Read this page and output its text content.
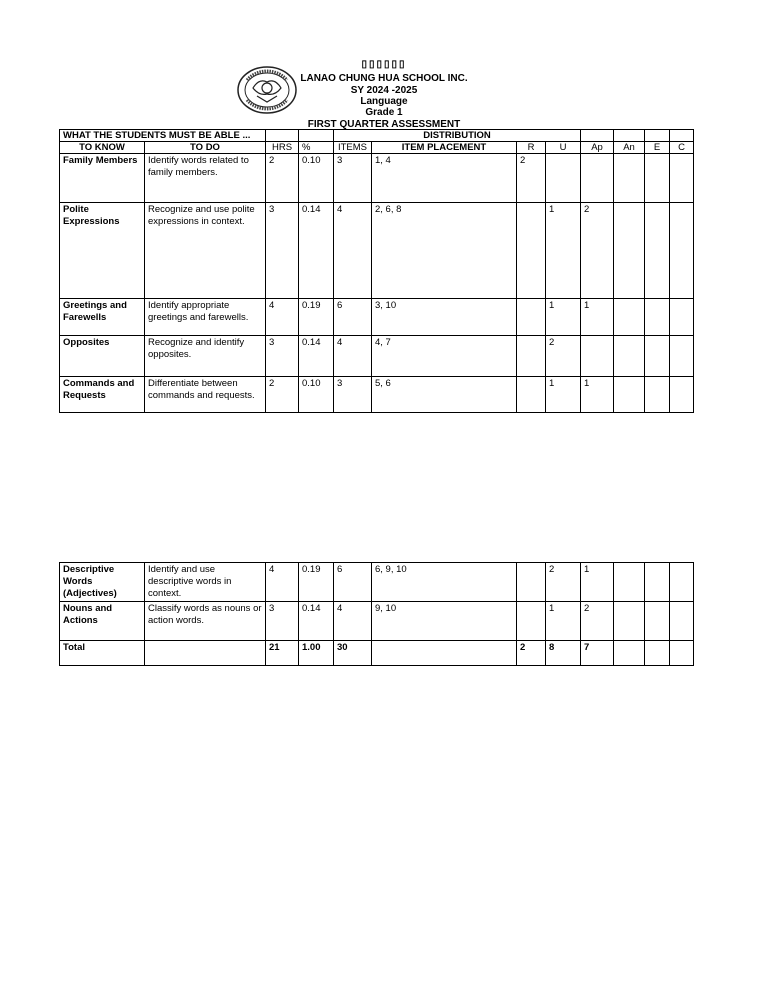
▯▯▯▯▯▯
LANAO CHUNG HUA SCHOOL INC.
SY 2024 -2025
Language
Grade 1
FIRST QUARTER ASSESSMENT
WHAT THE STUDENTS MUST BE ABLE ...				DISTRIBUTION							
TO KNOW	TO DO	HRS	%	ITEMS	ITEM PLACEMENT	R	U	Ap	An	E	C
Family Members	Identify words related to family members.	2	0.10	3	1, 4	2					
Polite Expressions	Recognize and use polite expressions in context.	3	0.14	4	2, 6, 8		1	2			
Greetings and Farewells	Identify appropriate greetings and farewells.	4	0.19	6	3, 10		1	1			
Opposites	Recognize and identify opposites.	3	0.14	4	4, 7		2				
Commands and Requests	Differentiate between commands and requests.	2	0.10	3	5, 6		1	1			
Descriptive Words (Adjectives)	Identify and use descriptive words in context.	4	0.19	6	6, 9, 10		2	1			
Nouns and Actions	Classify words as nouns or action words.	3	0.14	4	9, 10		1	2			
Total		21	1.00	30		2	8	7			
